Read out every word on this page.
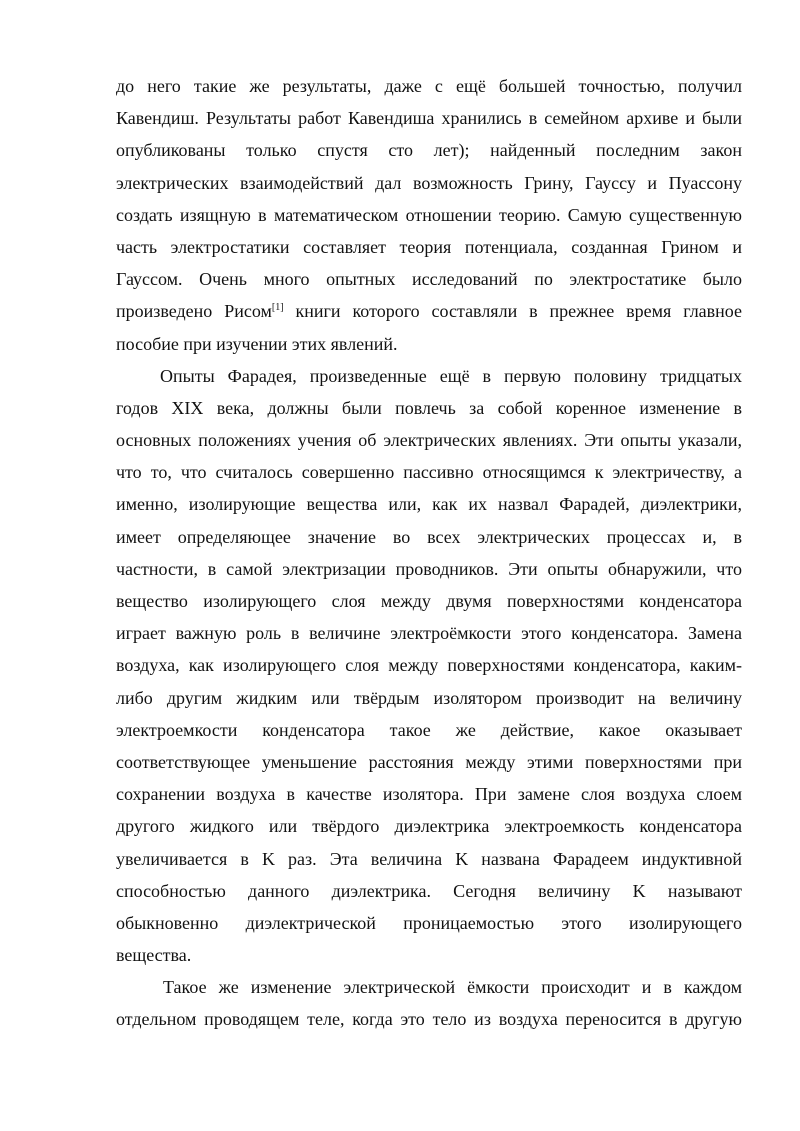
до него такие же результаты, даже с ещё большей точностью, получил
Кавендиш. Результаты работ Кавендиша хранились в семейном архиве и были
опубликованы только спустя сто лет); найденный последним закон
электрических взаимодействий дал возможность Грину, Гауссу и Пуассону
создать изящную в математическом отношении теорию. Самую существенную
часть электростатики составляет теория потенциала, созданная Грином и
Гауссом. Очень много опытных исследований по электростатике было
произведено Рисом[1] книги которого составляли в прежнее время главное
пособие при изучении этих явлений.
Опыты Фарадея, произведенные ещё в первую половину тридцатых
годов XIX века, должны были повлечь за собой коренное изменение в
основных положениях учения об электрических явлениях. Эти опыты указали,
что то, что считалось совершенно пассивно относящимся к электричеству, а
именно, изолирующие вещества или, как их назвал Фарадей, диэлектрики,
имеет определяющее значение во всех электрических процессах и, в
частности, в самой электризации проводников. Эти опыты обнаружили, что
вещество изолирующего слоя между двумя поверхностями конденсатора
играет важную роль в величине электроёмкости этого конденсатора. Замена
воздуха, как изолирующего слоя между поверхностями конденсатора, каким-
либо другим жидким или твёрдым изолятором производит на величину
электроемкости конденсатора такое же действие, какое оказывает
соответствующее уменьшение расстояния между этими поверхностями при
сохранении воздуха в качестве изолятора. При замене слоя воздуха слоем
другого жидкого или твёрдого диэлектрика электроемкость конденсатора
увеличивается в K раз. Эта величина K названа Фарадеем индуктивной
способностью данного диэлектрика. Сегодня величину K называют
обыкновенно диэлектрической проницаемостью этого изолирующего
вещества.
Такое же изменение электрической ёмкости происходит и в каждом
отдельном проводящем теле, когда это тело из воздуха переносится в другую
